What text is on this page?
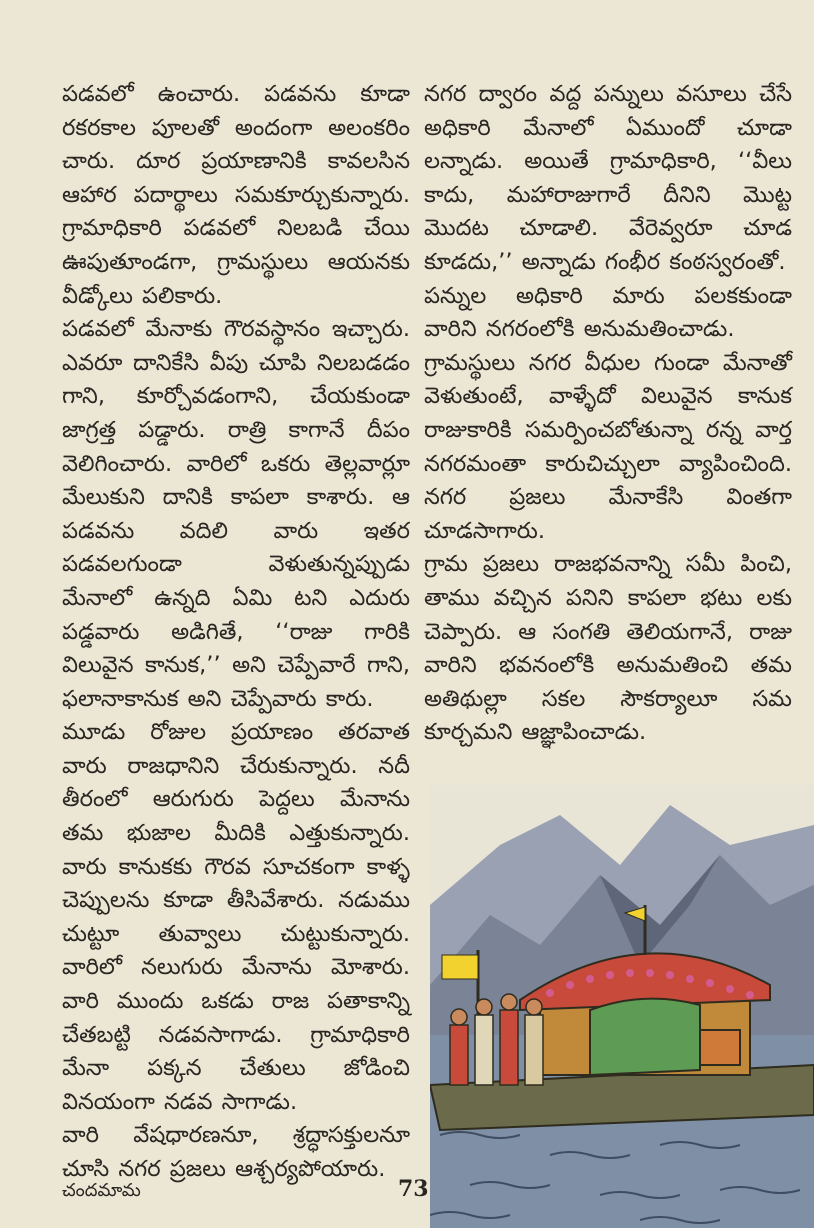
పడవలో ఉంచారు. పడవను కూడా రకరకాల పూలతో అందంగా అలంకరిం చారు. దూర ప్రయాణానికి కావలసిన ఆహార పదార్థాలు సమకూర్చుకున్నారు. గ్రామాధికారి పడవలో నిలబడి చేయి ఊపుతూండగా, గ్రామస్థులు ఆయనకు వీడ్కోలు పలికారు.
పడవలో మేనాకు గౌరవస్థానం ఇచ్చారు. ఎవరూ దానికేసి వీపు చూపి నిలబడడం గాని, కూర్చోవడంగాని, చేయకుండా జాగ్రత్త పడ్డారు. రాత్రి కాగానే దీపం వెలిగించారు. వారిలో ఒకరు తెల్లవార్లూ మేలుకుని దానికి కాపలా కాశారు. ఆ పడవను వదిలి వారు ఇతర పడవలగుండా వెళుతున్నప్పుడు మేనాలో ఉన్నది ఏమి టని ఎదురు పడ్డవారు అడిగితే, ‘‘రాజు గారికి విలువైన కానుక,’’ అని చెప్పేవారే గాని, ఫలానాకానుక అని చెప్పేవారు కారు.
మూడు రోజుల ప్రయాణం తరవాత వారు రాజధానిని చేరుకున్నారు. నదీ తీరంలో ఆరుగురు పెద్దలు మేనాను తమ భుజాల మీదికి ఎత్తుకున్నారు. వారు కానుకకు గౌరవ సూచకంగా కాళ్ళ చెప్పులను కూడా తీసివేశారు. నడుము చుట్టూ తువ్వాలు చుట్టుకున్నారు. వారిలో నలుగురు మేనాను మోశారు. వారి ముందు ఒకడు రాజ పతాకాన్ని చేతబట్టి నడవసాగాడు. గ్రామాధికారి మేనా పక్కన చేతులు జోడించి వినయంగా నడవ సాగాడు.
వారి వేషధారణనూ, శ్రద్ధాసక్తులనూ చూసి నగర ప్రజలు ఆశ్చర్యపోయారు.
నగర ద్వారం వద్ద పన్నులు వసూలు చేసే అధికారి మేనాలో ఏముందో చూడా లన్నాడు. అయితే గ్రామాధికారి, ‘‘వీలు కాదు, మహారాజుగారే దీనిని మొట్ట మొదట చూడాలి. వేరెవ్వరూ చూడ కూడదు,’’ అన్నాడు గంభీర కంఠస్వరంతో.
పన్నుల అధికారి మారు పలకకుండా వారిని నగరంలోకి అనుమతించాడు.
గ్రామస్థులు నగర వీధుల గుండా మేనాతో వెళుతుంటే, వాళ్ళేదో విలువైన కానుక రాజుకారికి సమర్పించబోతున్నా రన్న వార్త నగరమంతా కారుచిచ్చులా వ్యాపించింది. నగర ప్రజలు మేనాకేసి వింతగా చూడసాగారు.
గ్రామ ప్రజలు రాజభవనాన్ని సమీ పించి, తాము వచ్చిన పనిని కాపలా భటు లకు చెప్పారు. ఆ సంగతి తెలియగానే, రాజు వారిని భవనంలోకి అనుమతించి తమ అతిథుల్లా సకల సౌకర్యాలూ సమ కూర్చమని ఆజ్ఞాపించాడు.
చందమామ	73
